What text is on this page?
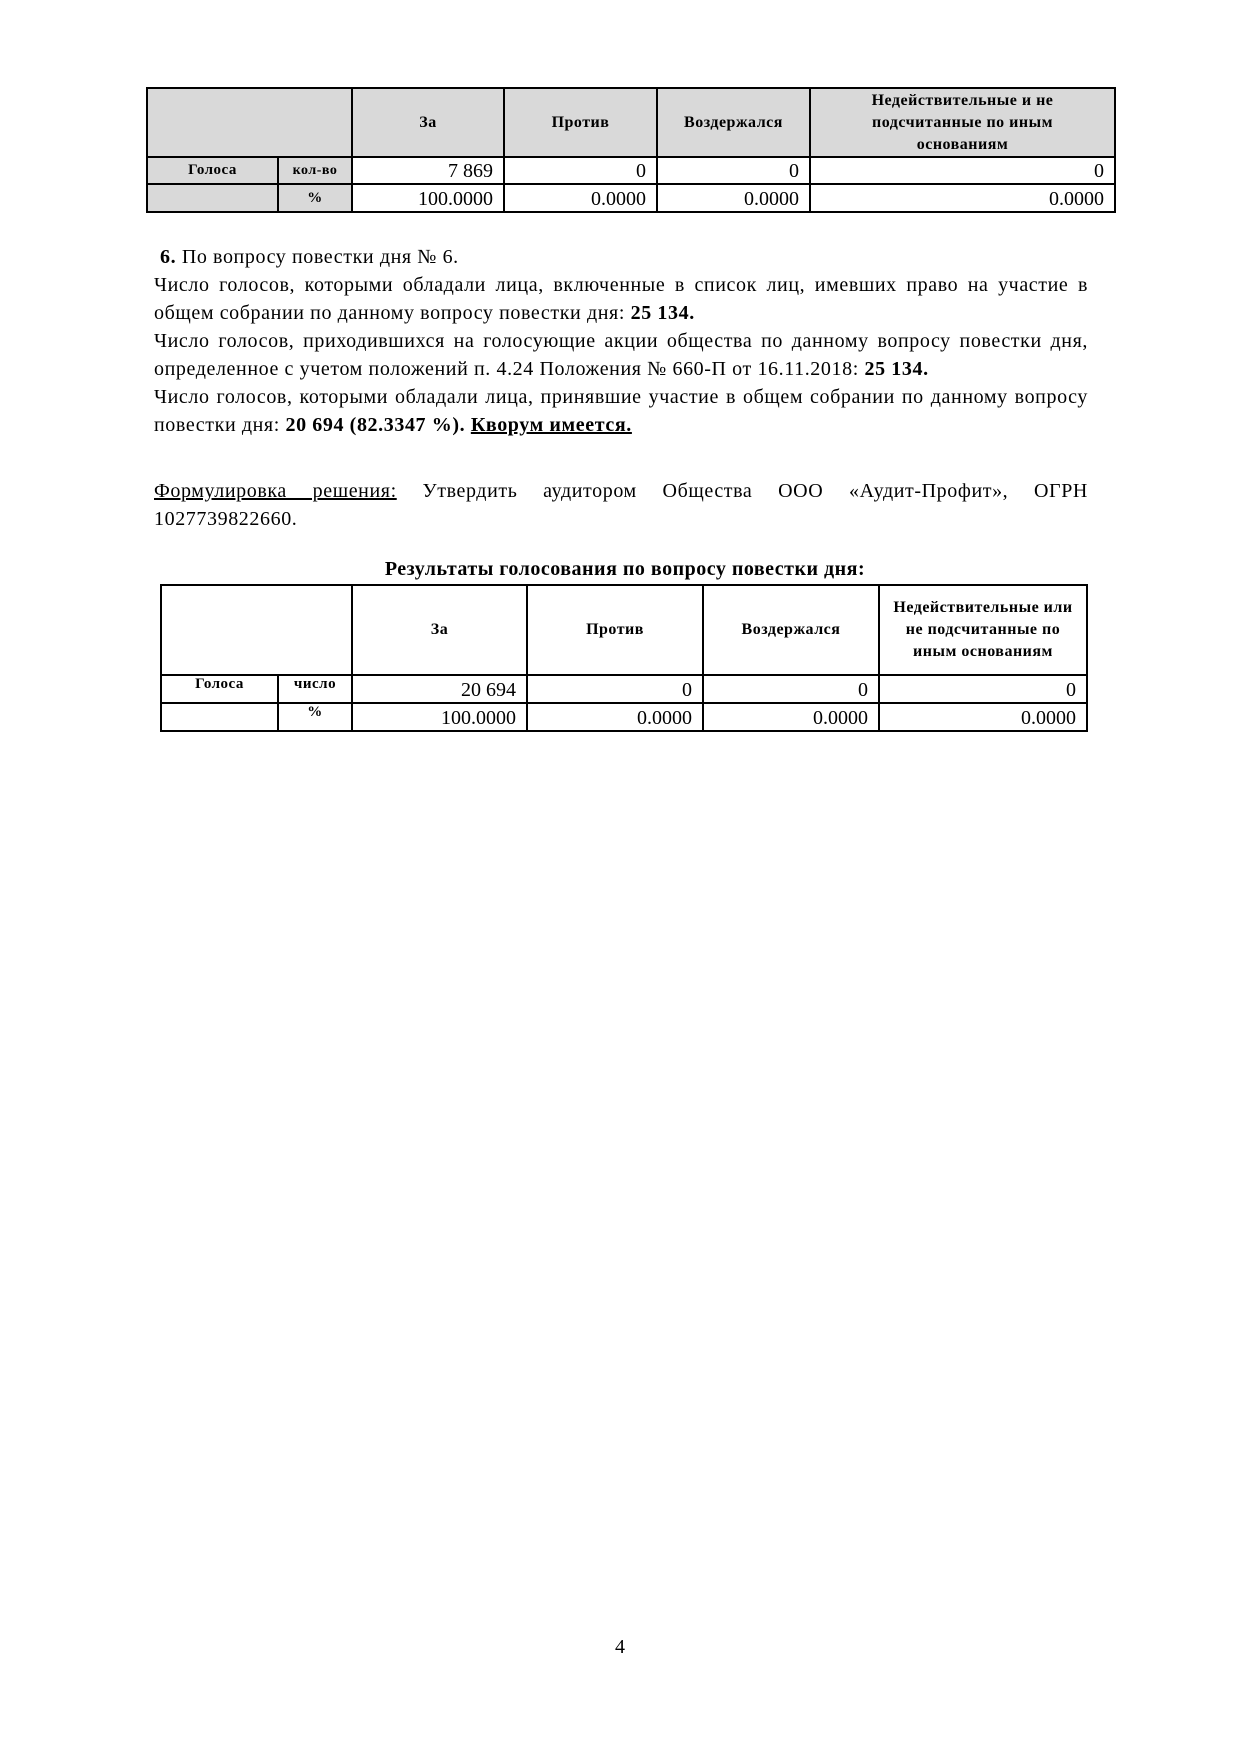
		За	Против	Воздержался	Недействительные и не подсчитанные по иным основаниям
Голоса	кол-во	7 869	0	0	0
	%	100.0000	0.0000	0.0000	0.0000
6. По вопросу повестки дня № 6.
Число голосов, которыми обладали лица, включенные в список лиц, имевших право на участие в общем собрании по данному вопросу повестки дня: 25 134.
Число голосов, приходившихся на голосующие акции общества по данному вопросу повестки дня, определенное с учетом положений п. 4.24 Положения № 660-П от 16.11.2018: 25 134.
Число голосов, которыми обладали лица, принявшие участие в общем собрании по данному вопросу повестки дня: 20 694 (82.3347 %). Кворум имеется.
Формулировка решения: Утвердить аудитором Общества ООО «Аудит-Профит», ОГРН 1027739822660.
Результаты голосования по вопросу повестки дня:
		За	Против	Воздержался	Недействительные или не подсчитанные по иным основаниям
Голоса	число	20 694	0	0	0
	%	100.0000	0.0000	0.0000	0.0000
4
